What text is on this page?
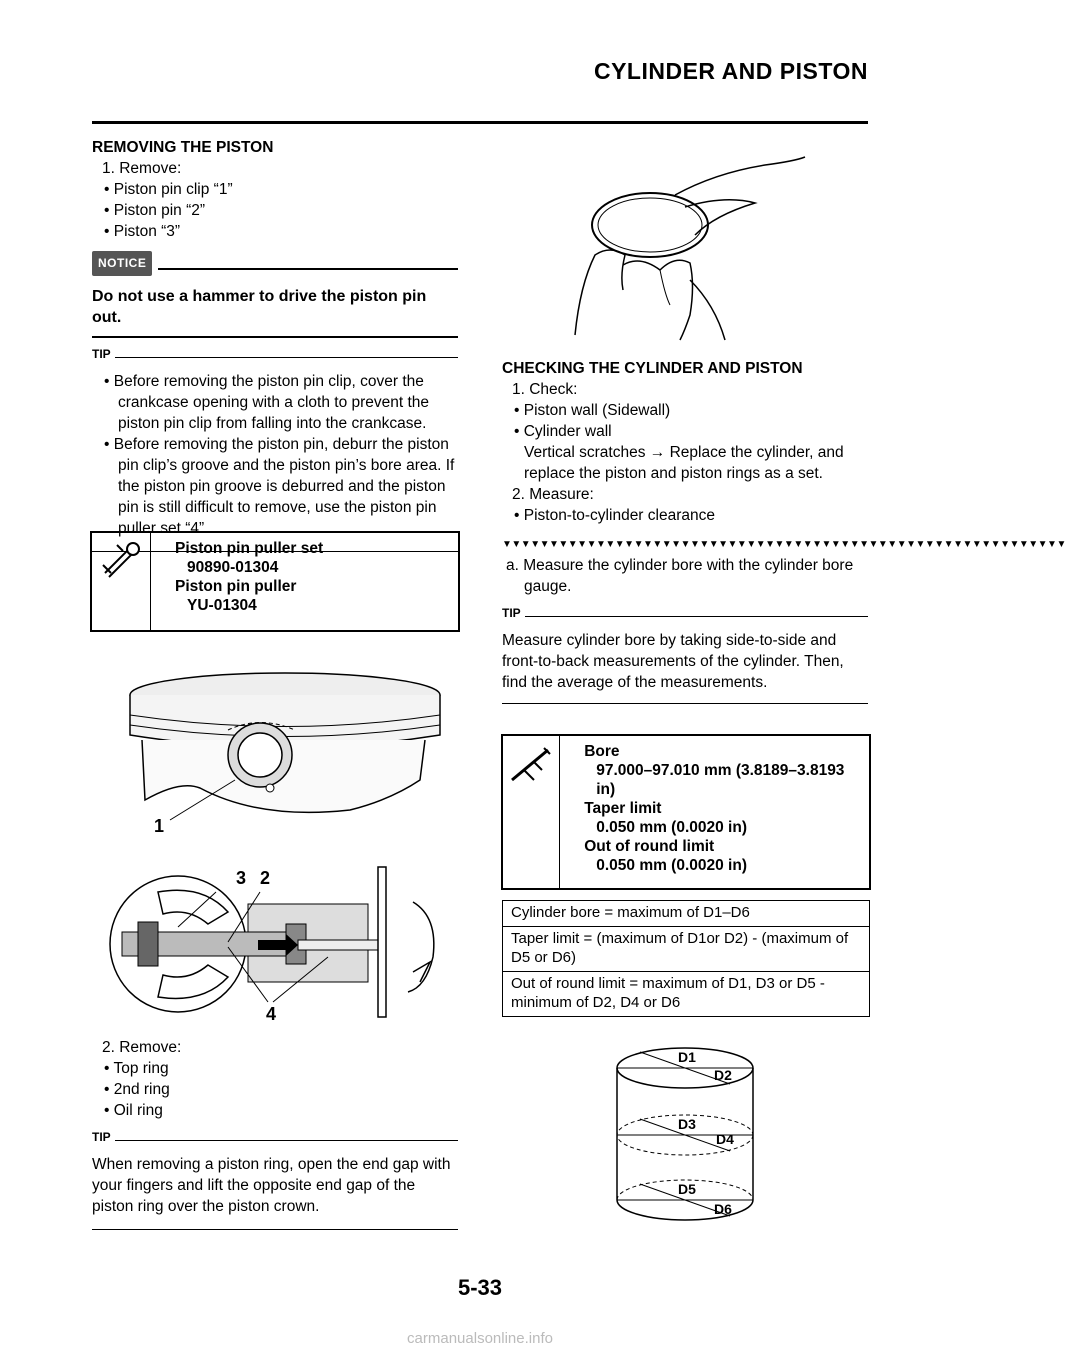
CYLINDER AND PISTON
REMOVING THE PISTON
1. Remove:
• Piston pin clip “1”
• Piston pin “2”
• Piston “3”
NOTICE
Do not use a hammer to drive the piston pin out.
TIP
• Before removing the piston pin clip, cover the crankcase opening with a cloth to prevent the piston pin clip from falling into the crankcase.
• Before removing the piston pin, deburr the piston pin clip’s groove and the piston pin’s bore area. If the piston pin groove is deburred and the piston pin is still difficult to remove, use the piston pin puller set “4”.
Piston pin puller set
90890-01304
Piston pin puller
YU-01304
1
3 2
4
2. Remove:
• Top ring
• 2nd ring
• Oil ring
TIP
When removing a piston ring, open the end gap with your fingers and lift the opposite end gap of the piston ring over the piston crown.
CHECKING THE CYLINDER AND PISTON
1. Check:
• Piston wall (Sidewall)
• Cylinder wall
Vertical scratches → Replace the cylinder, and replace the piston and piston rings as a set.
2. Measure:
• Piston-to-cylinder clearance
▼▼▼▼▼▼▼▼▼▼▼▼▼▼▼▼▼▼▼▼▼▼▼▼▼▼▼▼▼▼▼▼▼▼▼▼▼▼▼▼▼▼▼▼▼▼▼▼▼▼▼▼▼▼▼▼▼▼▼▼
a. Measure the cylinder bore with the cylinder bore gauge.
TIP
Measure cylinder bore by taking side-to-side and front-to-back measurements of the cylinder. Then, find the average of the measurements.
Bore
97.000–97.010 mm (3.8189–3.8193 in)
Taper limit
0.050 mm (0.0020 in)
Out of round limit
0.050 mm (0.0020 in)
Cylinder bore = maximum of D1–D6
Taper limit = (maximum of D1or D2) - (maximum of D5 or D6)
Out of round limit = maximum of D1, D3 or D5 - minimum of D2, D4 or D6
D1
D2
D3
D4
D5
D6
5-33
carmanualsonline.info
